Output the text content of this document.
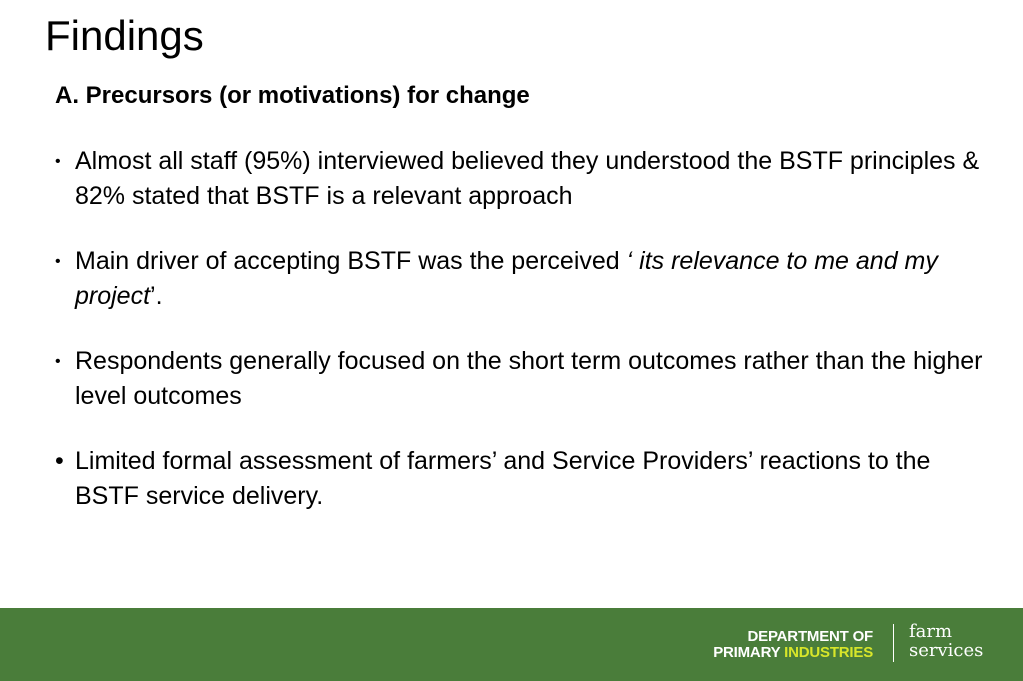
Findings
A. Precursors (or motivations) for change
• Almost all staff (95%) interviewed believed they understood the BSTF principles & 82% stated that BSTF is a relevant approach
• Main driver of accepting BSTF was the perceived ‘ its relevance to me and my project’.
• Respondents generally focused on the short term outcomes rather than the higher level outcomes
• Limited formal assessment of farmers’ and Service Providers’ reactions to the BSTF service delivery.
DEPARTMENT OF
PRIMARY INDUSTRIES
farm
services
